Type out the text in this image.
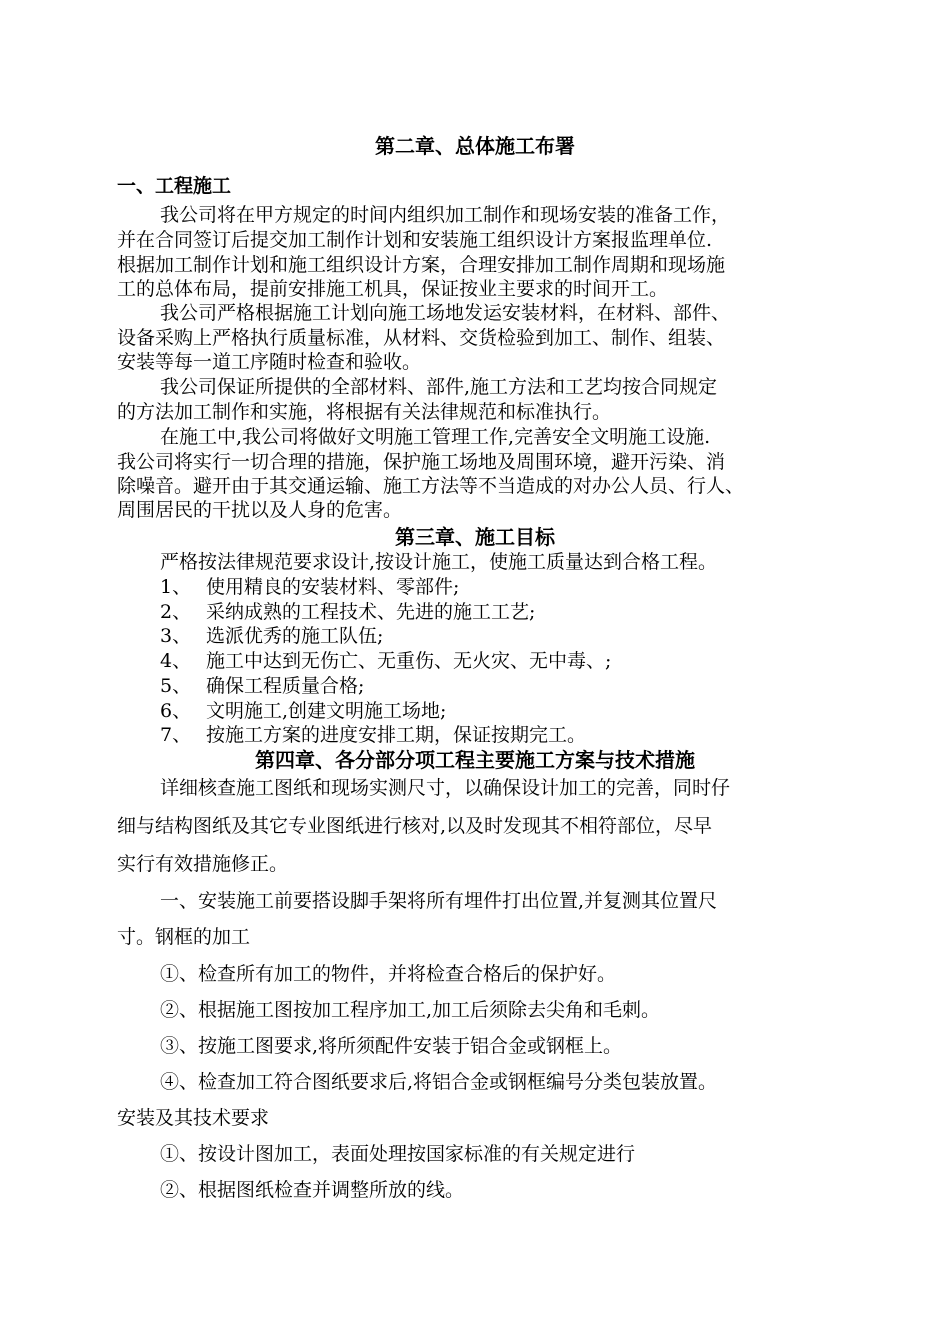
第二章、总体施工布署
一、工程施工
我公司将在甲方规定的时间内组织加工制作和现场安装的准备工作，
并在合同签订后提交加工制作计划和安装施工组织设计方案报监理单位.
根据加工制作计划和施工组织设计方案，合理安排加工制作周期和现场施
工的总体布局，提前安排施工机具，保证按业主要求的时间开工。
我公司严格根据施工计划向施工场地发运安装材料，在材料、部件、
设备采购上严格执行质量标准，从材料、交货检验到加工、制作、组装、
安装等每一道工序随时检查和验收。
我公司保证所提供的全部材料、部件,施工方法和工艺均按合同规定
的方法加工制作和实施，将根据有关法律规范和标准执行。
在施工中,我公司将做好文明施工管理工作,完善安全文明施工设施.
我公司将实行一切合理的措施，保护施工场地及周围环境，避开污染、消
除噪音。避开由于其交通运输、施工方法等不当造成的对办公人员、行人、
周围居民的干扰以及人身的危害。
第三章、施工目标
严格按法律规范要求设计,按设计施工，使施工质量达到合格工程。
1、 使用精良的安装材料、零部件;
2、 采纳成熟的工程技术、先进的施工工艺;
3、 选派优秀的施工队伍;
4、 施工中达到无伤亡、无重伤、无火灾、无中毒、;
5、 确保工程质量合格;
6、 文明施工,创建文明施工场地;
7、 按施工方案的进度安排工期，保证按期完工。
第四章、各分部分项工程主要施工方案与技术措施
详细核查施工图纸和现场实测尺寸，以确保设计加工的完善，同时仔
细与结构图纸及其它专业图纸进行核对,以及时发现其不相符部位，尽早
实行有效措施修正。
一、安装施工前要搭设脚手架将所有埋件打出位置,并复测其位置尺
寸。钢框的加工
①、检查所有加工的物件，并将检查合格后的保护好。
②、根据施工图按加工程序加工,加工后须除去尖角和毛刺。
③、按施工图要求,将所须配件安装于铝合金或钢框上。
④、检查加工符合图纸要求后,将铝合金或钢框编号分类包装放置。
安装及其技术要求
①、按设计图加工，表面处理按国家标准的有关规定进行
②、根据图纸检查并调整所放的线。
